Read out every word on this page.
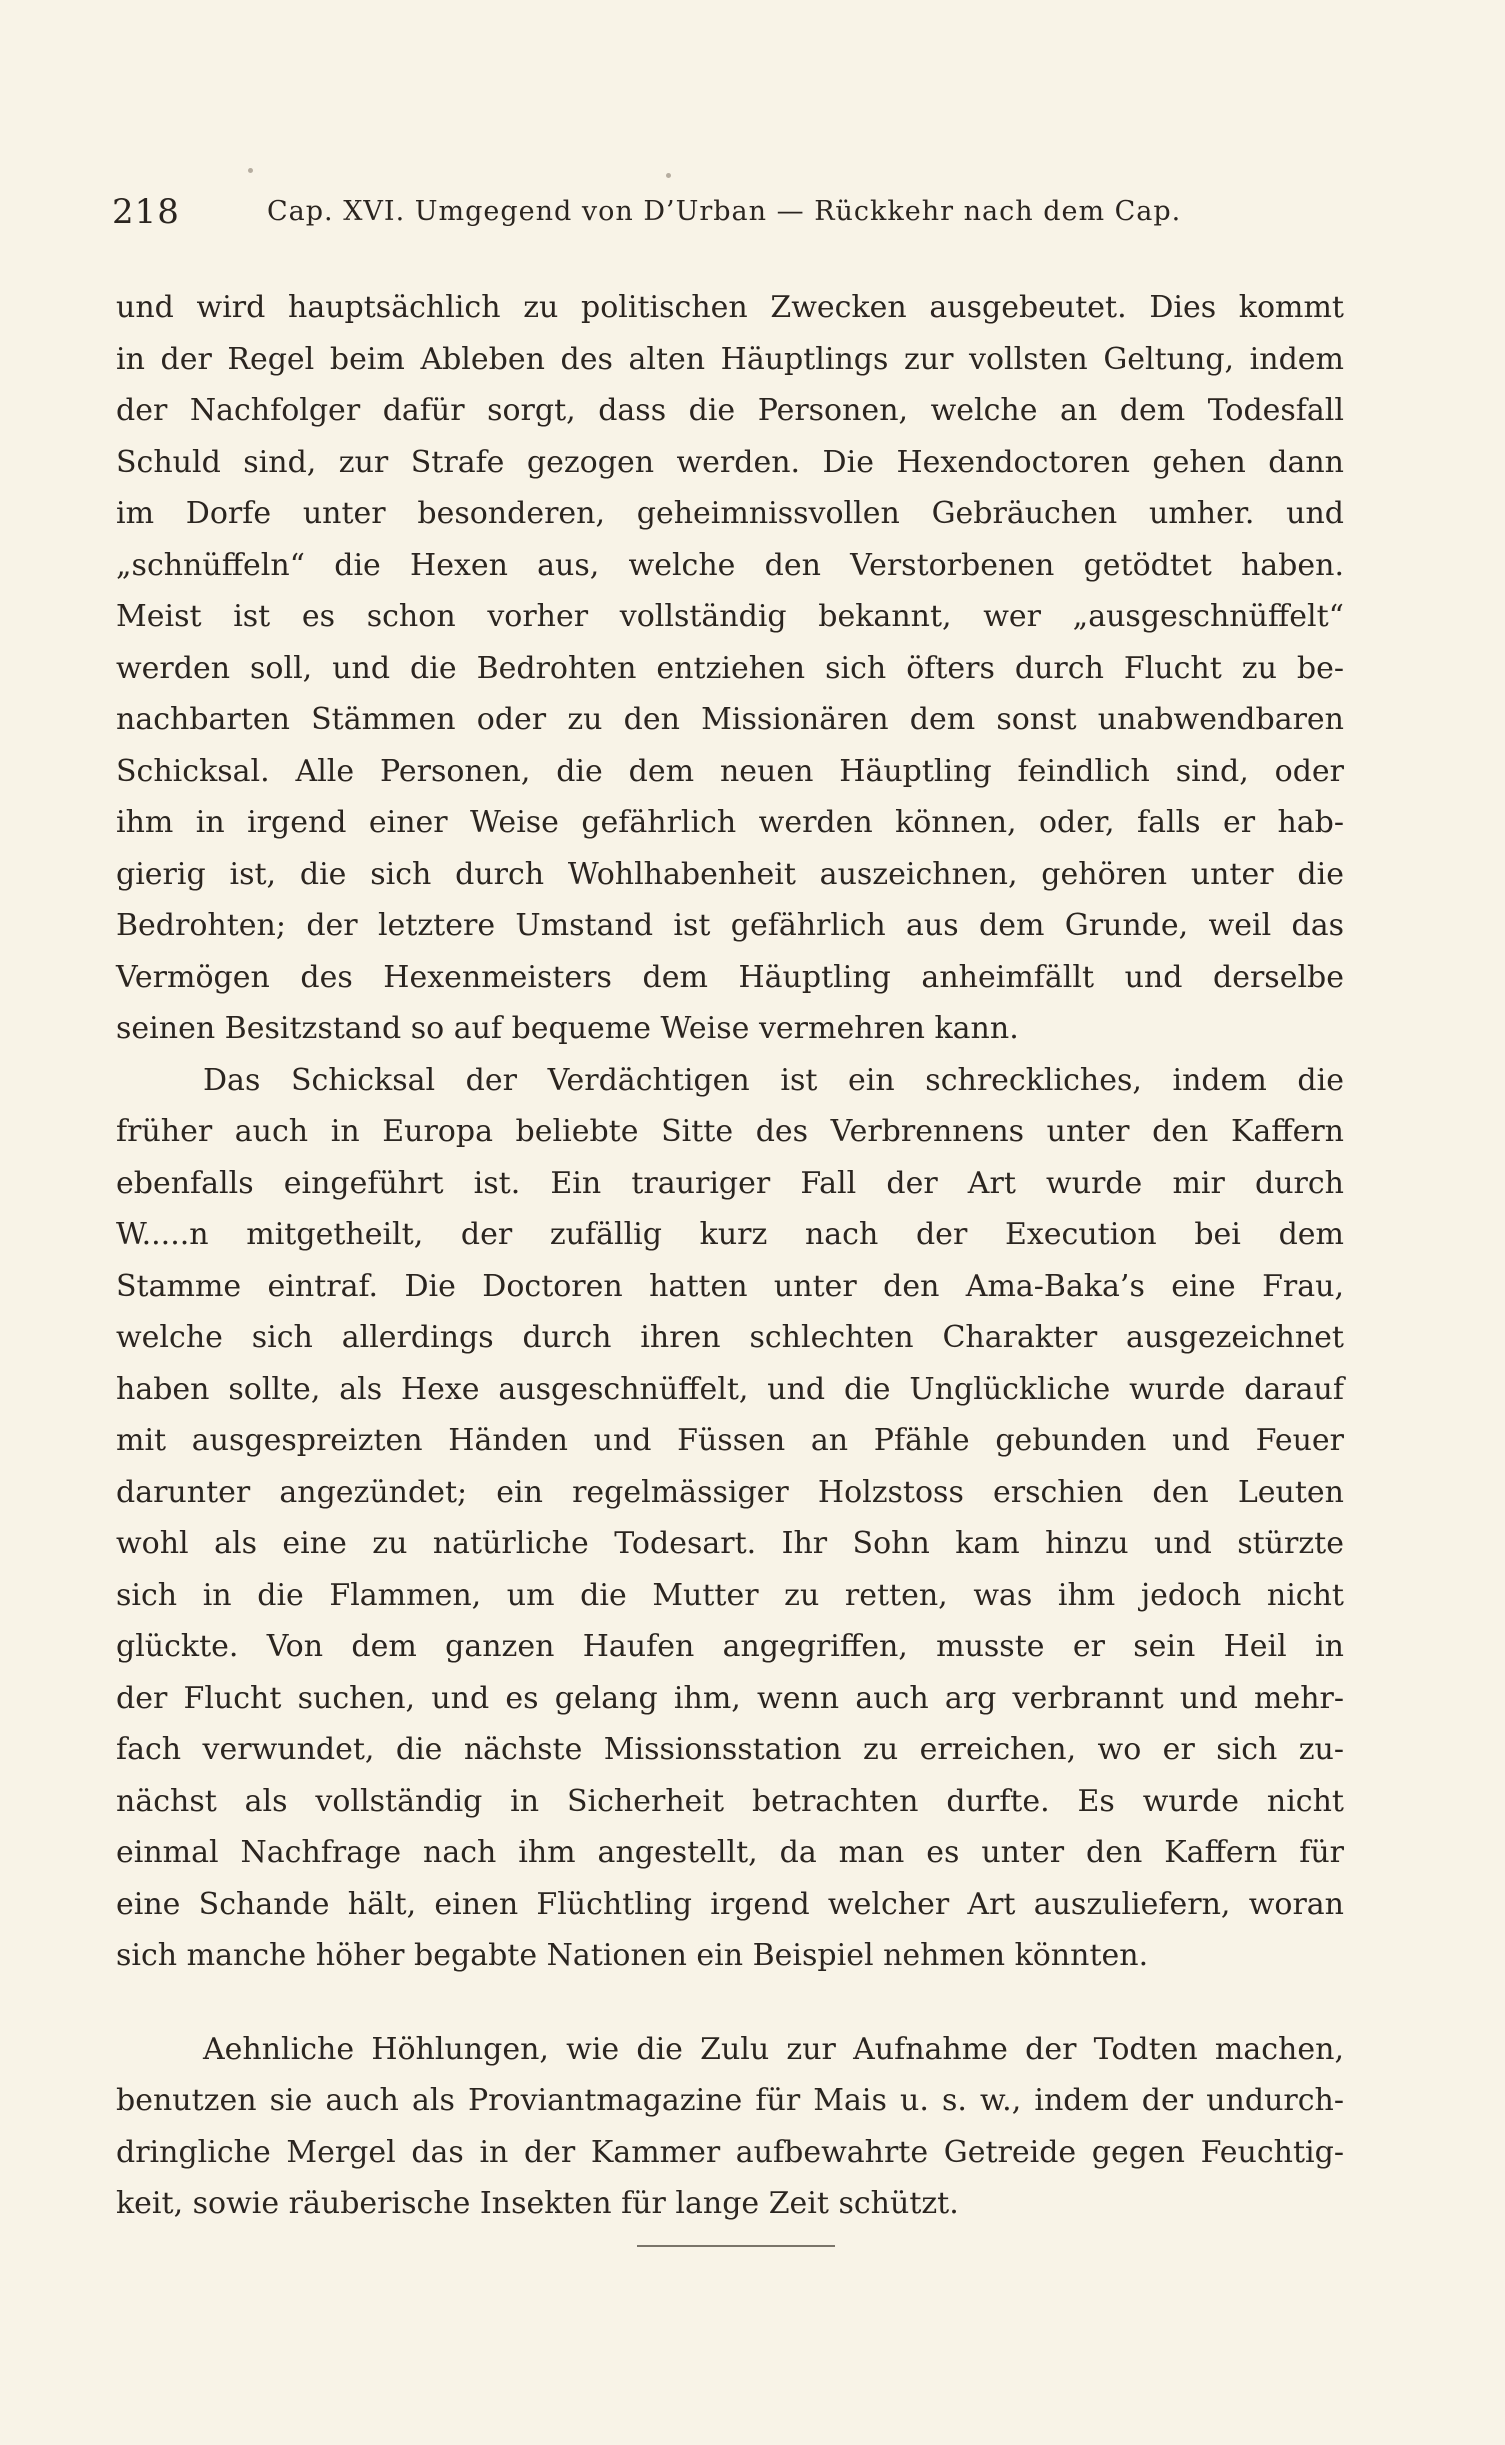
218	Cap. XVI. Umgegend von D’Urban — Rückkehr nach dem Cap.
und wird hauptsächlich zu politischen Zwecken ausgebeutet. Dies kommt
in der Regel beim Ableben des alten Häuptlings zur vollsten Geltung, indem
der Nachfolger dafür sorgt, dass die Personen, welche an dem Todesfall
Schuld sind, zur Strafe gezogen werden. Die Hexendoctoren gehen dann
im Dorfe unter besonderen, geheimnissvollen Gebräuchen umher. und
„schnüffeln“ die Hexen aus, welche den Verstorbenen getödtet haben.
Meist ist es schon vorher vollständig bekannt, wer „ausgeschnüffelt“
werden soll, und die Bedrohten entziehen sich öfters durch Flucht zu be-
nachbarten Stämmen oder zu den Missionären dem sonst unabwendbaren
Schicksal. Alle Personen, die dem neuen Häuptling feindlich sind, oder
ihm in irgend einer Weise gefährlich werden können, oder, falls er hab-
gierig ist, die sich durch Wohlhabenheit auszeichnen, gehören unter die
Bedrohten; der letztere Umstand ist gefährlich aus dem Grunde, weil das
Vermögen des Hexenmeisters dem Häuptling anheimfällt und derselbe
seinen Besitzstand so auf bequeme Weise vermehren kann.
Das Schicksal der Verdächtigen ist ein schreckliches, indem die
früher auch in Europa beliebte Sitte des Verbrennens unter den Kaffern
ebenfalls eingeführt ist. Ein trauriger Fall der Art wurde mir durch
W.....n mitgetheilt, der zufällig kurz nach der Execution bei dem
Stamme eintraf. Die Doctoren hatten unter den Ama-Baka’s eine Frau,
welche sich allerdings durch ihren schlechten Charakter ausgezeichnet
haben sollte, als Hexe ausgeschnüffelt, und die Unglückliche wurde darauf
mit ausgespreizten Händen und Füssen an Pfähle gebunden und Feuer
darunter angezündet; ein regelmässiger Holzstoss erschien den Leuten
wohl als eine zu natürliche Todesart. Ihr Sohn kam hinzu und stürzte
sich in die Flammen, um die Mutter zu retten, was ihm jedoch nicht
glückte. Von dem ganzen Haufen angegriffen, musste er sein Heil in
der Flucht suchen, und es gelang ihm, wenn auch arg verbrannt und mehr-
fach verwundet, die nächste Missionsstation zu erreichen, wo er sich zu-
nächst als vollständig in Sicherheit betrachten durfte. Es wurde nicht
einmal Nachfrage nach ihm angestellt, da man es unter den Kaffern für
eine Schande hält, einen Flüchtling irgend welcher Art auszuliefern, woran
sich manche höher begabte Nationen ein Beispiel nehmen könnten.
Aehnliche Höhlungen, wie die Zulu zur Aufnahme der Todten machen,
benutzen sie auch als Proviantmagazine für Mais u. s. w., indem der undurch-
dringliche Mergel das in der Kammer aufbewahrte Getreide gegen Feuchtig-
keit, sowie räuberische Insekten für lange Zeit schützt.
